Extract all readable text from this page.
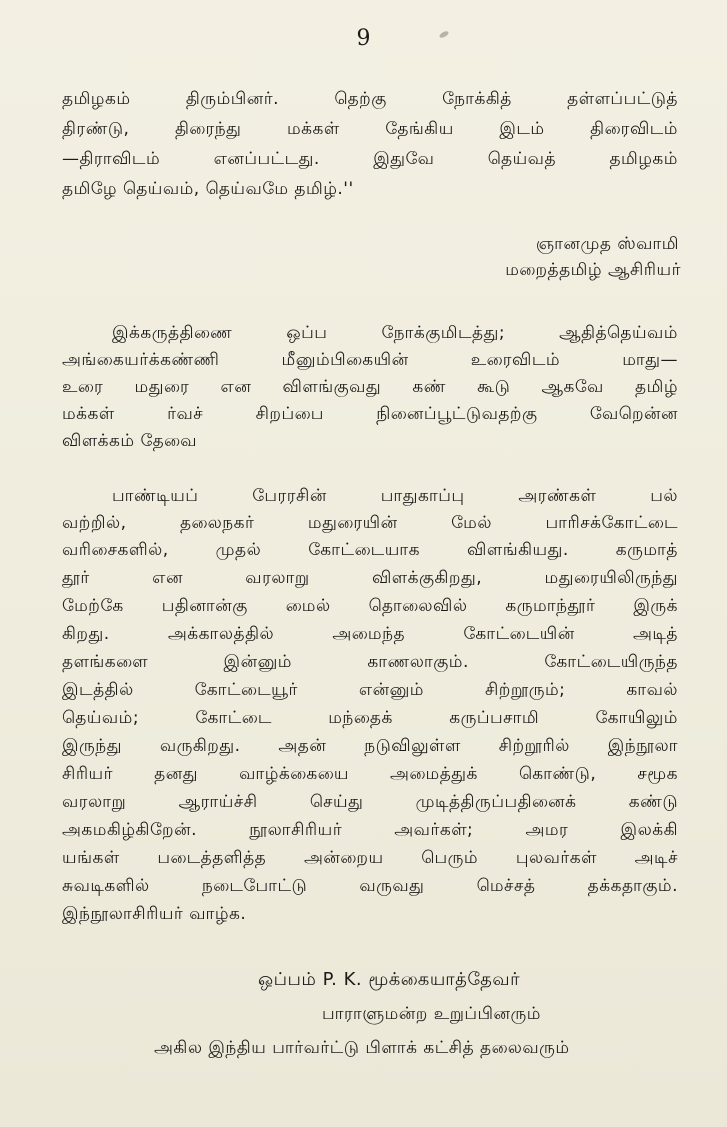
9
தமிழகம் திரும்பினர். தெற்கு நோக்கித் தள்ளப்பட்டுத்
திரண்டு, திரைந்து மக்கள் தேங்கிய இடம் திரைவிடம்
—திராவிடம் எனப்பட்டது. இதுவே தெய்வத் தமிழகம்
தமிழே தெய்வம், தெய்வமே தமிழ்.''
ஞானமுத ஸ்வாமி
மறைத்தமிழ் ஆசிரியர்
இக்கருத்திணை ஒப்ப நோக்குமிடத்து; ஆதித்தெய்வம்
அங்கையர்க்கண்ணி மீனும்பிகையின் உரைவிடம் மாது—
உரை மதுரை என விளங்குவது கண் கூடு ஆகவே தமிழ்
மக்கள் ர்வச் சிறப்பை நினைப்பூட்டுவதற்கு வேறென்ன
விளக்கம் தேவை
பாண்டியப் பேரரசின் பாதுகாப்பு அரண்கள் பல்
வற்றில், தலைநகர் மதுரையின் மேல் பாரிசக்கோட்டை
வரிசைகளில், முதல் கோட்டையாக விளங்கியது. கருமாத்
தூர் என வரலாறு விளக்குகிறது, மதுரையிலிருந்து
மேற்கே பதினான்கு மைல் தொலைவில் கருமாந்தூர் இருக்
கிறது. அக்காலத்தில் அமைந்த கோட்டையின் அடித்
தளங்களை இன்னும் காணலாகும். கோட்டையிருந்த
இடத்தில் கோட்டையூர் என்னும் சிற்றூரும்; காவல்
தெய்வம்; கோட்டை மந்தைக் கருப்பசாமி கோயிலும்
இருந்து வருகிறது. அதன் நடுவிலுள்ள சிற்றூரில் இந்நூலா
சிரியர் தனது வாழ்க்கையை அமைத்துக் கொண்டு, சமூக
வரலாறு ஆராய்ச்சி செய்து முடித்திருப்பதினைக் கண்டு
அகமகிழ்கிறேன். நூலாசிரியர் அவர்கள்; அமர இலக்கி
யங்கள் படைத்தளித்த அன்றைய பெரும் புலவர்கள் அடிச்
சுவடிகளில் நடைபோட்டு வருவது மெச்சத் தக்கதாகும்.
இந்நூலாசிரியர் வாழ்க.
ஒப்பம் P. K. மூக்கையாத்தேவர்
பாராளுமன்ற உறுப்பினரும்
அகில இந்திய பார்வர்ட்டு பிளாக் கட்சித் தலைவரும்
